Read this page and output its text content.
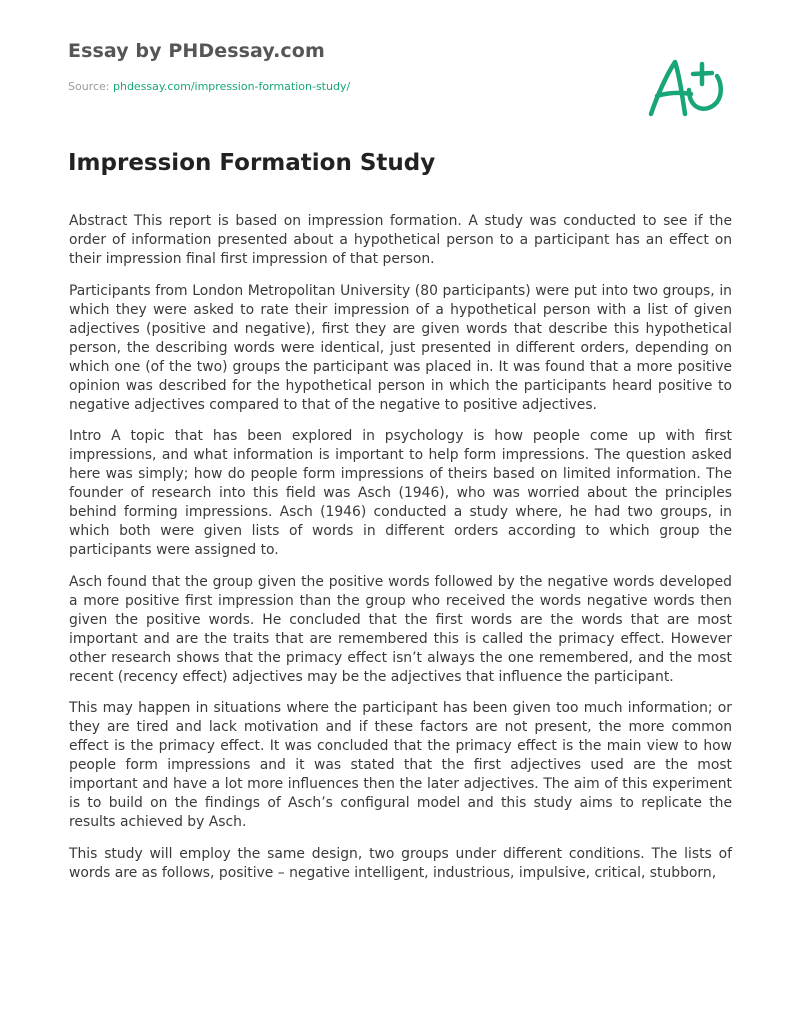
Essay by PHDessay.com
Source: phdessay.com/impression-formation-study/
Impression Formation Study

Abstract This report is based on impression formation. A study was conducted to see if the order of information presented about a hypothetical person to a participant has an effect on their impression final first impression of that person.

Participants from London Metropolitan University (80 participants) were put into two groups, in which they were asked to rate their impression of a hypothetical person with a list of given adjectives (positive and negative), first they are given words that describe this hypothetical person, the describing words were identical, just presented in different orders, depending on which one (of the two) groups the participant was placed in. It was found that a more positive opinion was described for the hypothetical person in which the participants heard positive to negative adjectives compared to that of the negative to positive adjectives.

Intro A topic that has been explored in psychology is how people come up with first impressions, and what information is important to help form impressions. The question asked here was simply; how do people form impressions of theirs based on limited information. The founder of research into this field was Asch (1946), who was worried about the principles behind forming impressions. Asch (1946) conducted a study where, he had two groups, in which both were given lists of words in different orders according to which group the participants were assigned to.

Asch found that the group given the positive words followed by the negative words developed a more positive first impression than the group who received the words negative words then given the positive words. He concluded that the first words are the words that are most important and are the traits that are remembered this is called the primacy effect. However other research shows that the primacy effect isn’t always the one remembered, and the most recent (recency effect) adjectives may be the adjectives that influence the participant.

This may happen in situations where the participant has been given too much information; or they are tired and lack motivation and if these factors are not present, the more common effect is the primacy effect. It was concluded that the primacy effect is the main view to how people form impressions and it was stated that the first adjectives used are the most important and have a lot more influences then the later adjectives. The aim of this experiment is to build on the findings of Asch’s configural model and this study aims to replicate the results achieved by Asch.

This study will employ the same design, two groups under different conditions. The lists of words are as follows, positive – negative intelligent, industrious, impulsive, critical, stubborn,
